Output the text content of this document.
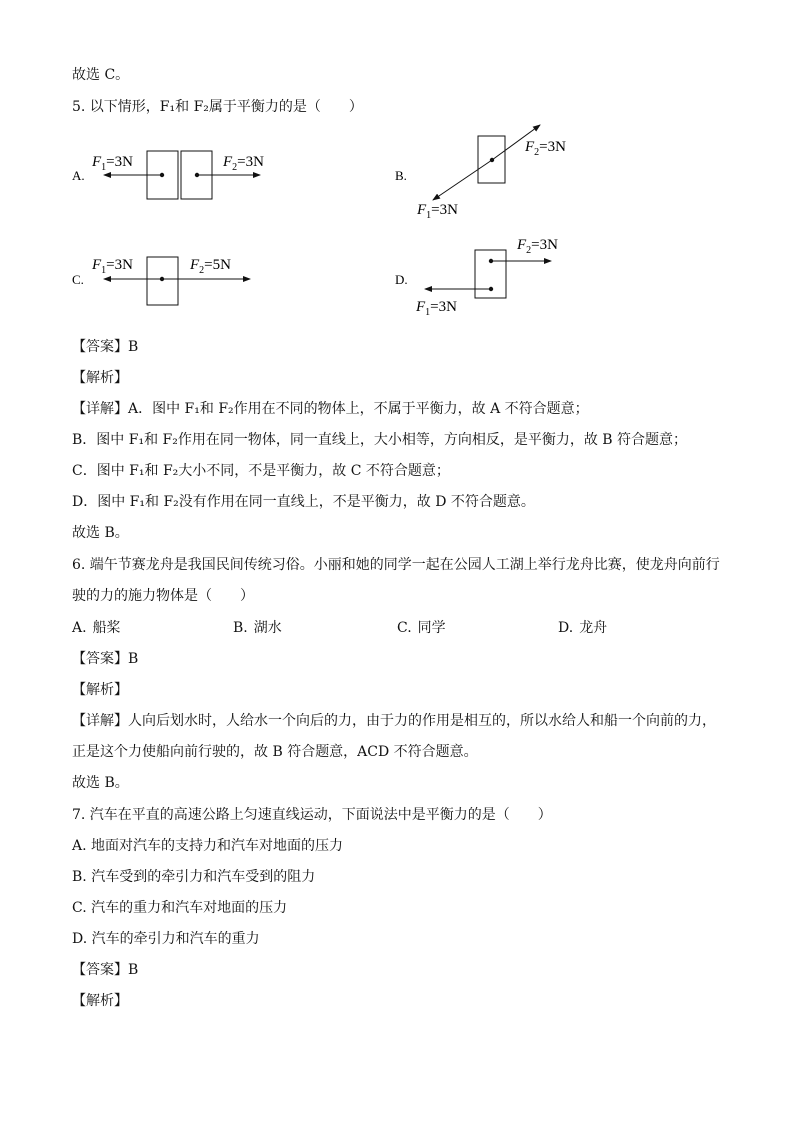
故选 C。
5. 以下情形，F₁和 F₂属于平衡力的是（　　）
【答案】B
【解析】
【详解】A．图中 F₁和 F₂作用在不同的物体上，不属于平衡力，故 A 不符合题意；
B．图中 F₁和 F₂作用在同一物体，同一直线上，大小相等，方向相反，是平衡力，故 B 符合题意；
C．图中 F₁和 F₂大小不同，不是平衡力，故 C 不符合题意；
D．图中 F₁和 F₂没有作用在同一直线上，不是平衡力，故 D 不符合题意。
故选 B。
6. 端午节赛龙舟是我国民间传统习俗。小丽和她的同学一起在公园人工湖上举行龙舟比赛，使龙舟向前行
驶的力的施力物体是（　　）
【答案】B
【解析】
【详解】人向后划水时，人给水一个向后的力，由于力的作用是相互的，所以水给人和船一个向前的力，
正是这个力使船向前行驶的，故 B 符合题意，ACD 不符合题意。
故选 B。
7. 汽车在平直的高速公路上匀速直线运动，下面说法中是平衡力的是（　　）
A. 地面对汽车的支持力和汽车对地面的压力
B. 汽车受到的牵引力和汽车受到的阻力
C. 汽车的重力和汽车对地面的压力
D. 汽车的牵引力和汽车的重力
【答案】B
【解析】
A.
$F_1=3N$	$F_2=3N$
B.
$F_2=3N$
$F_1=3N$
C.
$F_1=3N$	$F_2=5N$
D.
$F_2=3N$
$F_1=3N$
A. 船桨	B. 湖水	C. 同学	D. 龙舟
